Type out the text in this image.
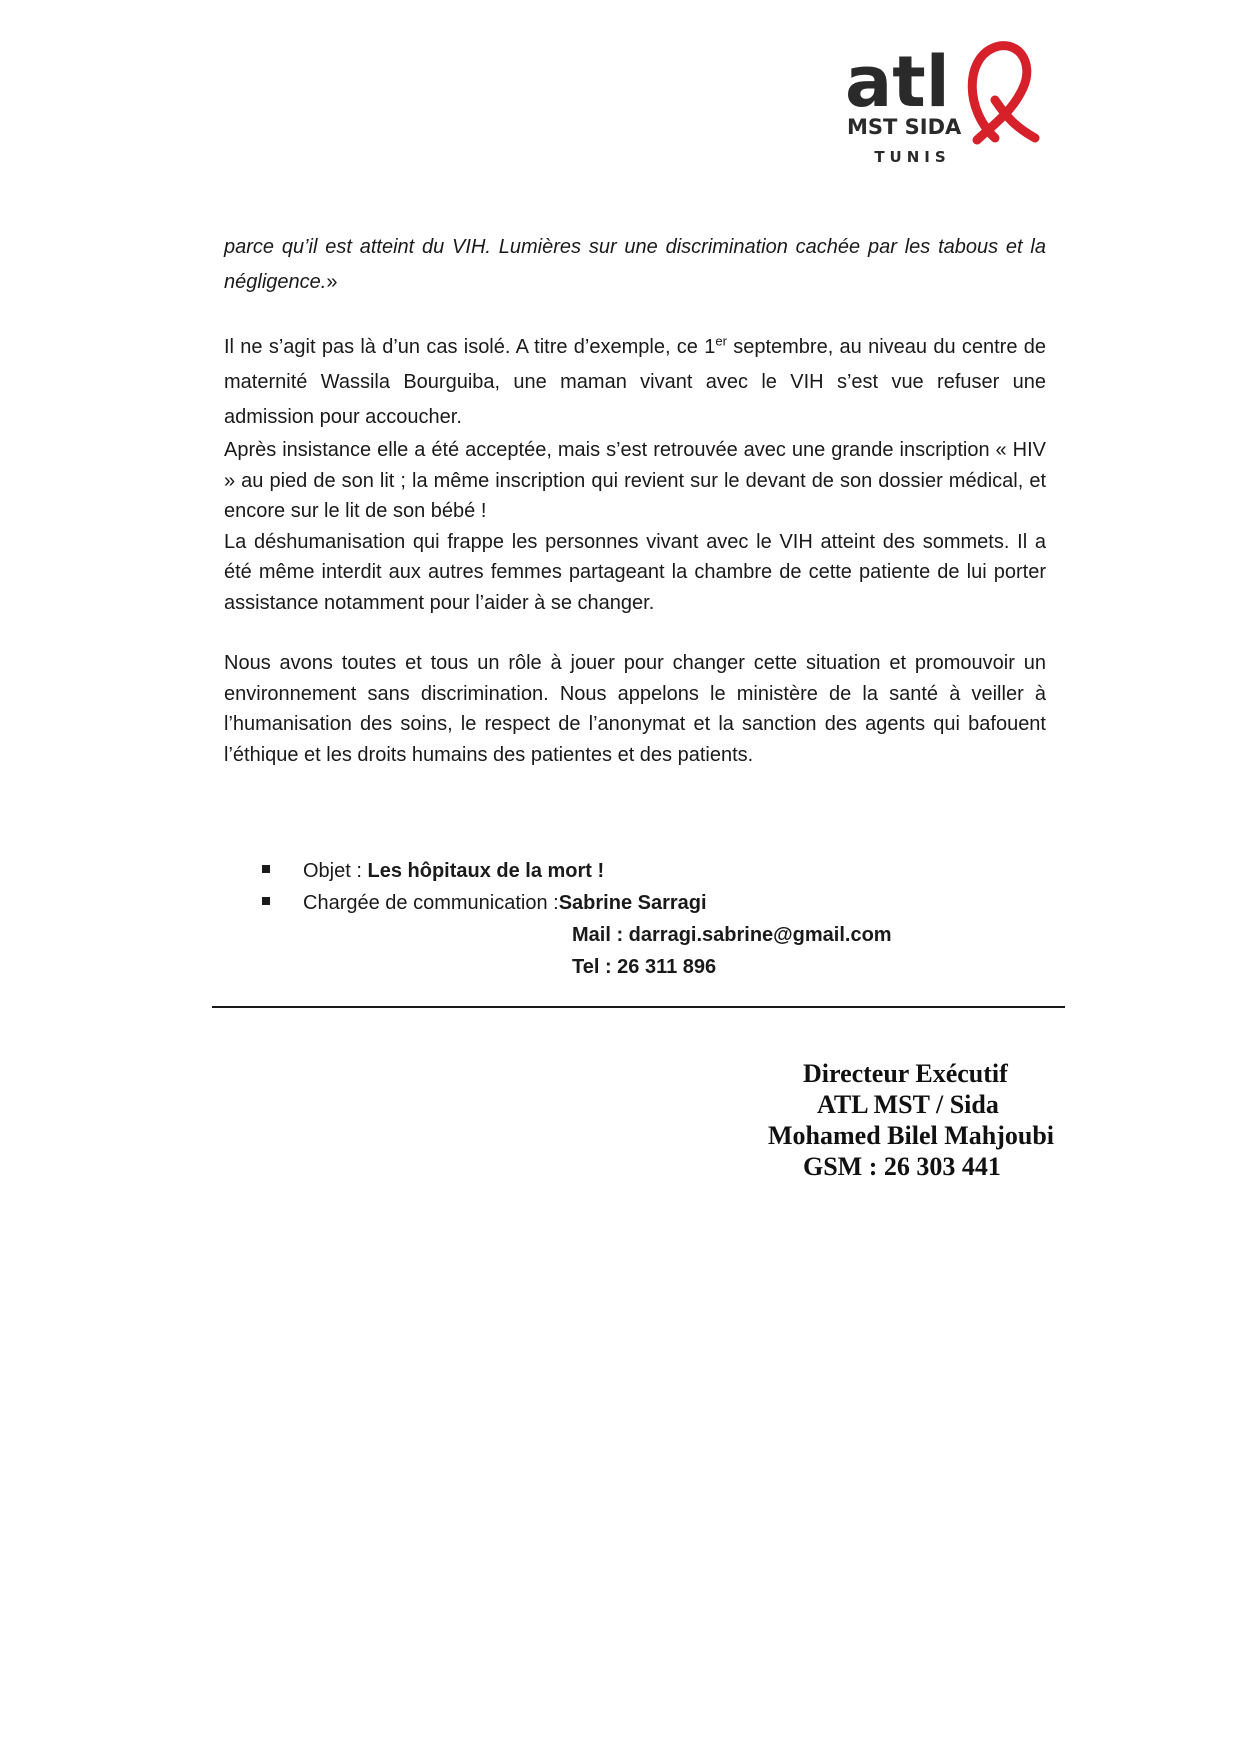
atl
MST SIDA
TUNIS

parce qu’il est atteint du VIH. Lumières sur une discrimination cachée par les tabous et la négligence.»

Il ne s’agit pas là d’un cas isolé. A titre d’exemple, ce 1er septembre, au niveau du centre de maternité Wassila Bourguiba, une maman vivant avec le VIH s’est vue refuser une admission pour accoucher.

Après insistance elle a été acceptée, mais s’est retrouvée avec une grande inscription « HIV » au pied de son lit ; la même inscription qui revient sur le devant de son dossier médical, et encore sur le lit de son bébé !

La déshumanisation qui frappe les personnes vivant avec le VIH atteint des sommets. Il a été même interdit aux autres femmes partageant la chambre de cette patiente de lui porter assistance notamment pour l’aider à se changer.

Nous avons toutes et tous un rôle à jouer pour changer cette situation et promouvoir un environnement sans discrimination. Nous appelons le ministère de la santé à veiller à l’humanisation des soins, le respect de l’anonymat et la sanction des agents qui bafouent l’éthique et les droits humains des patientes et des patients.

Objet :
Les hôpitaux de la mort !
Chargée de communication : Sabrine Sarragi
Mail : darragi.sabrine@gmail.com
Tel : 26 311 896
Directeur Exécutif
ATL MST / Sida
Mohamed Bilel Mahjoubi
GSM : 26 303 441
